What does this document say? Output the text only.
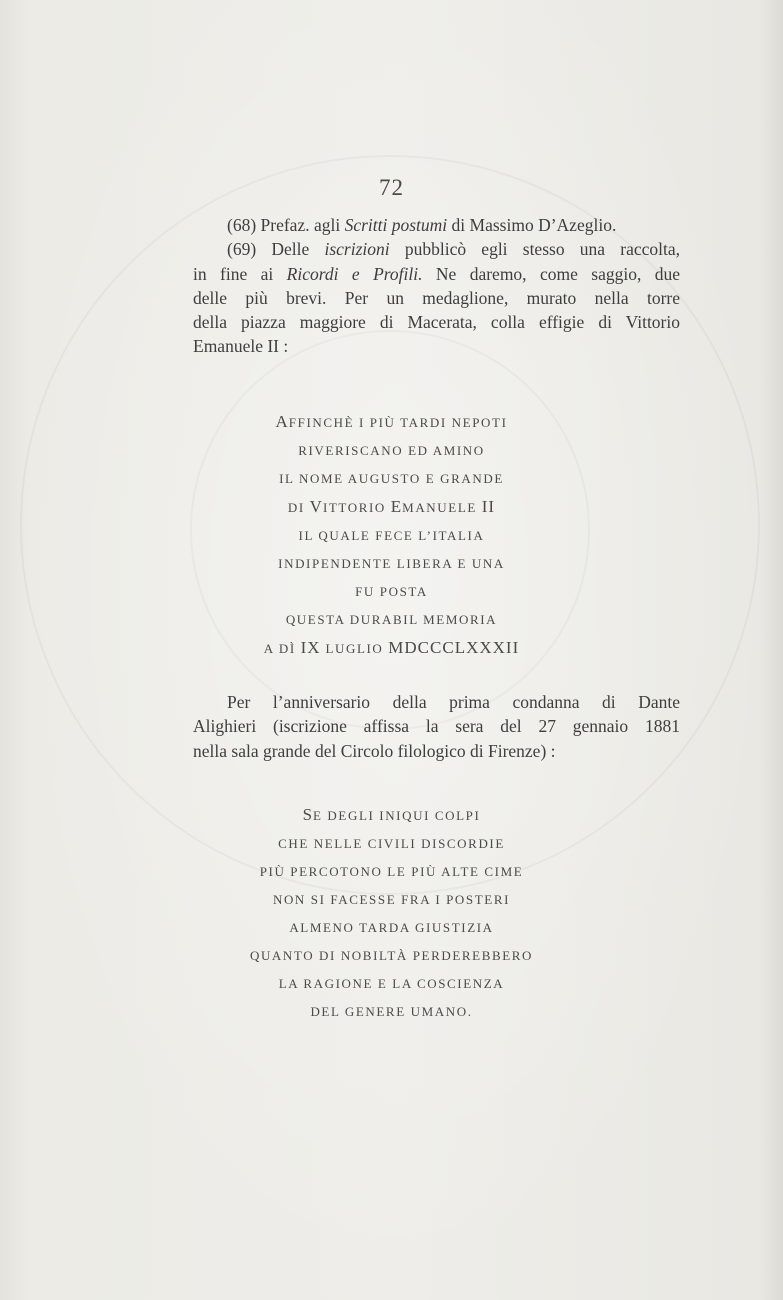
72
(68) Prefaz. agli Scritti postumi di Massimo D’Azeglio.
(69) Delle iscrizioni pubblicò egli stesso una raccolta,
in fine ai Ricordi e Profili. Ne daremo, come saggio, due
delle più brevi. Per un medaglione, murato nella torre
della piazza maggiore di Macerata, colla effigie di Vittorio
Emanuele II :
AFFINCHÈ I PIÙ TARDI NEPOTI
RIVERISCANO ED AMINO
IL NOME AUGUSTO E GRANDE
DI VITTORIO EMANUELE II
IL QUALE FECE L’ITALIA
INDIPENDENTE LIBERA E UNA
FU POSTA
QUESTA DURABIL MEMORIA
A DÌ IX LUGLIO MDCCCLXXXII
Per l’anniversario della prima condanna di Dante
Alighieri (iscrizione affissa la sera del 27 gennaio 1881
nella sala grande del Circolo filologico di Firenze) :
SE DEGLI INIQUI COLPI
CHE NELLE CIVILI DISCORDIE
PIÙ PERCOTONO LE PIÙ ALTE CIME
NON SI FACESSE FRA I POSTERI
ALMENO TARDA GIUSTIZIA
QUANTO DI NOBILTÀ PERDEREBBERO
LA RAGIONE E LA COSCIENZA
DEL GENERE UMANO.
